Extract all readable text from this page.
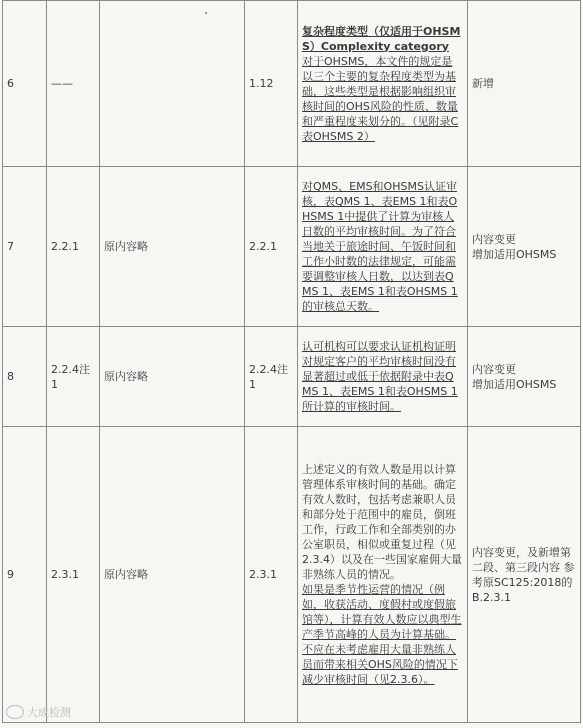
6	——		1.12	复杂程度类型（仅适用于OHSMS）Complexity category
对于OHSMS，本文件的规定是以三个主要的复杂程度类型为基础，这些类型是根据影响组织审核时间的OHS风险的性质、数量和严重程度来划分的。（见附录C 表OHSMS 2）	新增
7	2.2.1	原内容略	2.2.1	对QMS、EMS和OHSMS认证审核，表QMS 1、表EMS 1和表OHSMS 1中提供了计算为审核人日数的平均审核时间。为了符合当地关于旅途时间、午饭时间和工作小时数的法律规定，可能需要调整审核人日数，以达到表QMS 1、表EMS 1和表OHSMS 1的审核总天数。	内容变更
增加适用OHSMS

8	2.2.4注1	原内容略	2.2.4注1	认可机构可以要求认证机构证明对规定客户的平均审核时间没有显著超过或低于依据附录中表QMS 1、表EMS 1和表OHSMS 1所计算的审核时间。	内容变更
增加适用OHSMS

9	2.3.1	原内容略	2.3.1	上述定义的有效人数是用以计算管理体系审核时间的基础。确定有效人数时，包括考虑兼职人员和部分处于范围中的雇员，倒班工作，行政工作和全部类别的办公室职员，相似或重复过程（见2.3.4）以及在一些国家雇佣大量非熟练人员的情况。
如果是季节性运营的情况（例如，收获活动、度假村或度假旅馆等），计算有效人数应以典型生产季节高峰的人员为计算基础。
不应在未考虑雇用大量非熟练人员而带来相关OHS风险的情况下减少审核时间（见2.3.6）。	内容变更，及新增第二段、第三段内容 参考原SC125:2018的B.2.3.1
大成检测
